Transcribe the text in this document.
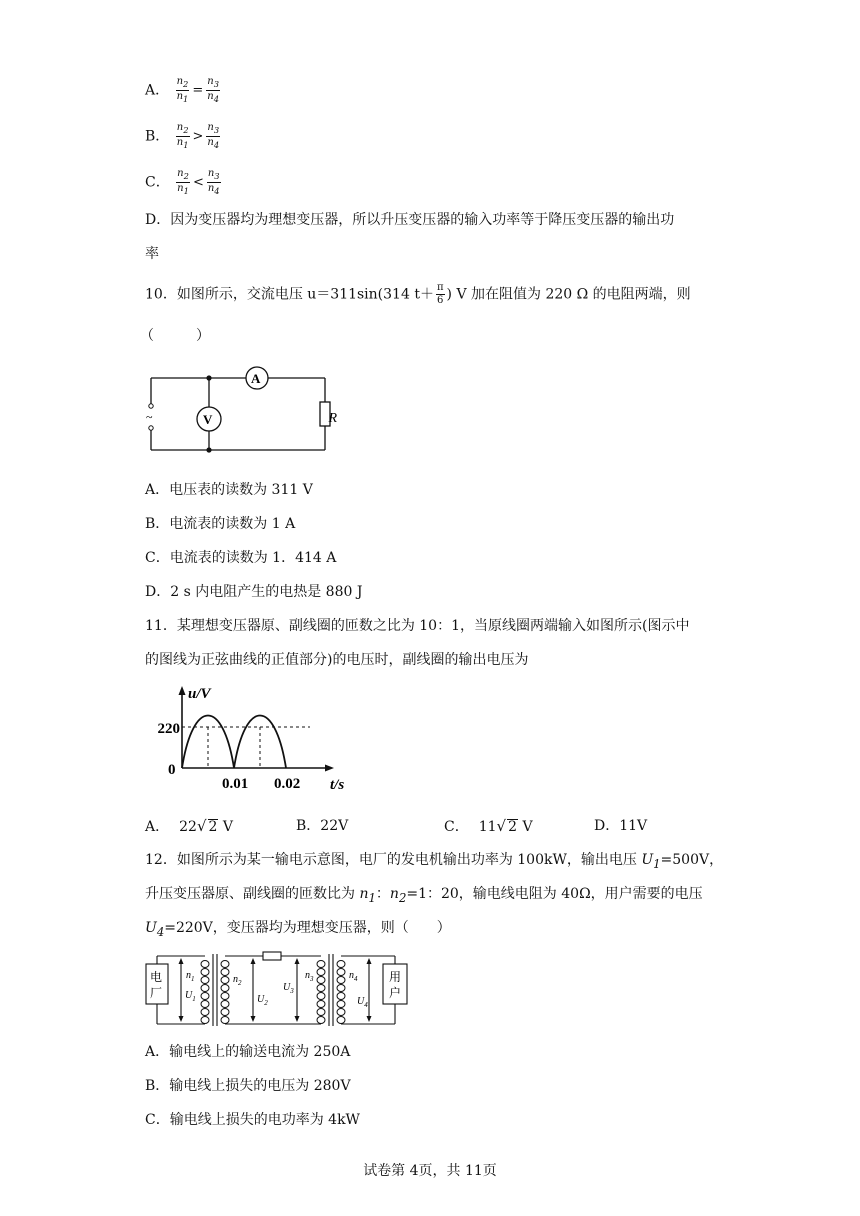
A． $\frac{n_2}{n_1} = \frac{n_3}{n_4}$
B． $\frac{n_2}{n_1} > \frac{n_3}{n_4}$
C． $\frac{n_2}{n_1} < \frac{n_3}{n_4}$
D．因为变压器均为理想变压器，所以升压变压器的输入功率等于降压变压器的输出功
率
10．如图所示，交流电压 u＝311sin(314 $t+ \frac{\pi}{6}$ ) V 加在阻值为 220 Ω 的电阻两端，则
（　　　）
~	V
A
R
A．电压表的读数为 311 V
B．电流表的读数为 1 A
C．电流表的读数为 1．414 A
D．2 s 内电阻产生的电热是 880 J
11．某理想变压器原、副线圈的匝数之比为 10：1，当原线圈两端输入如图所示(图示中
的图线为正弦曲线的正值部分)的电压时，副线圈的输出电压为
u/V
t/s
220
0
0.01 0.02
A． 22√ 2 V	B．22V	C． 11√ 2 V	D．11V
12．如图所示为某一输电示意图，电厂的发电机输出功率为 100kW，输出电压 $U_1=500V$，
升压变压器原、副线圈的匝数比为 $n_1$：$n_2=1$：20，输电线电阻为 40Ω，用户需要的电压
$U_4=220V$，变压器均为理想变压器，则（　　）
电
厂
用
户
$n_1$
$U_1$
$n_2$
$U_2$
$U_3$
$n_3$	$n_4$
$U_4$
A．输电线上的输送电流为 250A
B．输电线上损失的电压为 280V
C．输电线上损失的电功率为 4kW
试卷第 4页，共 11页
